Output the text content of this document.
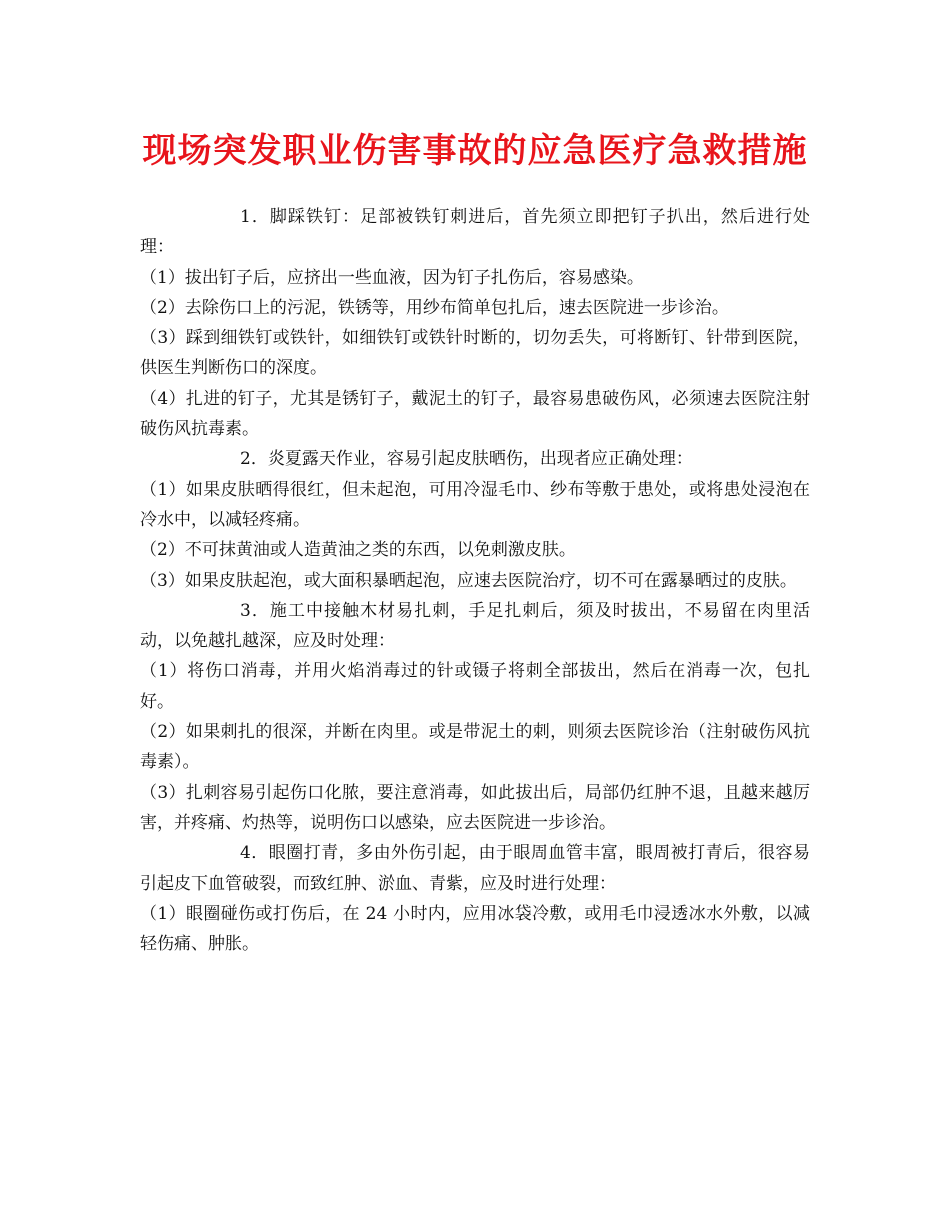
现场突发职业伤害事故的应急医疗急救措施

1．脚踩铁钉：足部被铁钉刺进后，首先须立即把钉子扒出，然后进行处理：

（1）拔出钉子后，应挤出一些血液，因为钉子扎伤后，容易感染。

（2）去除伤口上的污泥，铁锈等，用纱布简单包扎后，速去医院进一步诊治。

（3）踩到细铁钉或铁针，如细铁钉或铁针时断的，切勿丢失，可将断钉、针带到医院，供医生判断伤口的深度。

（4）扎进的钉子，尤其是锈钉子，戴泥土的钉子，最容易患破伤风，必须速去医院注射破伤风抗毒素。

2．炎夏露天作业，容易引起皮肤晒伤，出现者应正确处理：

（1）如果皮肤晒得很红，但未起泡，可用冷湿毛巾、纱布等敷于患处，或将患处浸泡在冷水中，以减轻疼痛。

（2）不可抹黄油或人造黄油之类的东西，以免刺激皮肤。

（3）如果皮肤起泡，或大面积暴晒起泡，应速去医院治疗，切不可在露暴晒过的皮肤。

3．施工中接触木材易扎刺，手足扎刺后，须及时拔出，不易留在肉里活动，以免越扎越深，应及时处理：

（1）将伤口消毒，并用火焰消毒过的针或镊子将刺全部拔出，然后在消毒一次，包扎好。

（2）如果刺扎的很深，并断在肉里。或是带泥土的刺，则须去医院诊治（注射破伤风抗毒素）。

（3）扎刺容易引起伤口化脓，要注意消毒，如此拔出后，局部仍红肿不退，且越来越厉害，并疼痛、灼热等，说明伤口以感染，应去医院进一步诊治。

4．眼圈打青，多由外伤引起，由于眼周血管丰富，眼周被打青后，很容易引起皮下血管破裂，而致红肿、淤血、青紫，应及时进行处理：

（1）眼圈碰伤或打伤后，在 24 小时内，应用冰袋冷敷，或用毛巾浸透冰水外敷，以减轻伤痛、肿胀。
